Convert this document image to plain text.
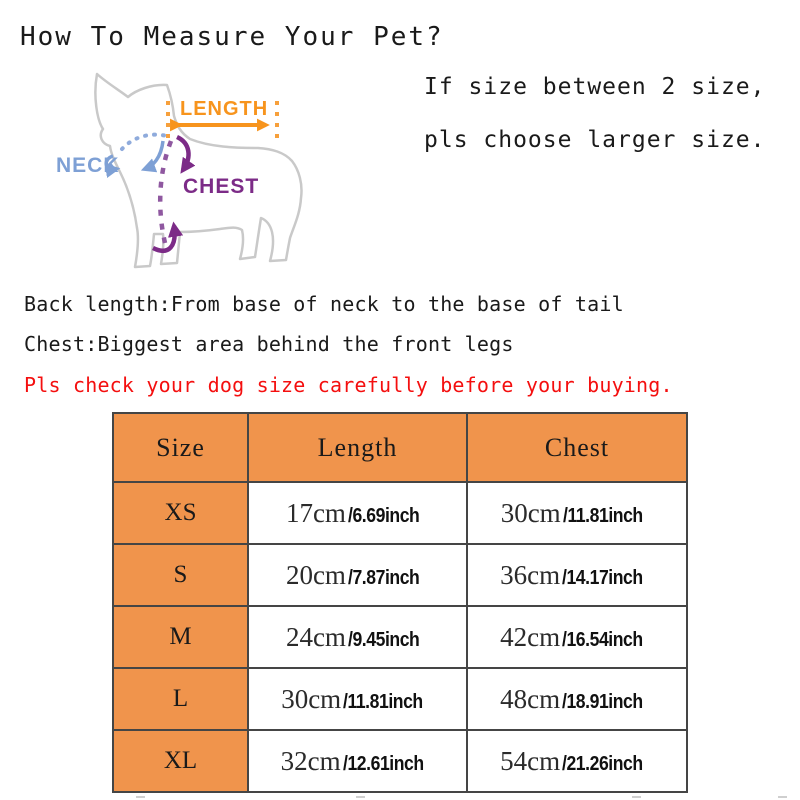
How To Measure Your Pet?
LENGTH
NECK
CHEST
If size between 2 size,
pls choose larger size.
Back length:From base of neck to the base of tail
Chest:Biggest area behind the front legs
Pls check your dog size carefully before your buying.
Size	Length	Chest
XS	17cm /6.69inch	30cm /11.81inch
S	20cm /7.87inch	36cm /14.17inch
M	24cm /9.45inch	42cm /16.54inch
L	30cm /11.81inch	48cm /18.91inch
XL	32cm /12.61inch	54cm /21.26inch
